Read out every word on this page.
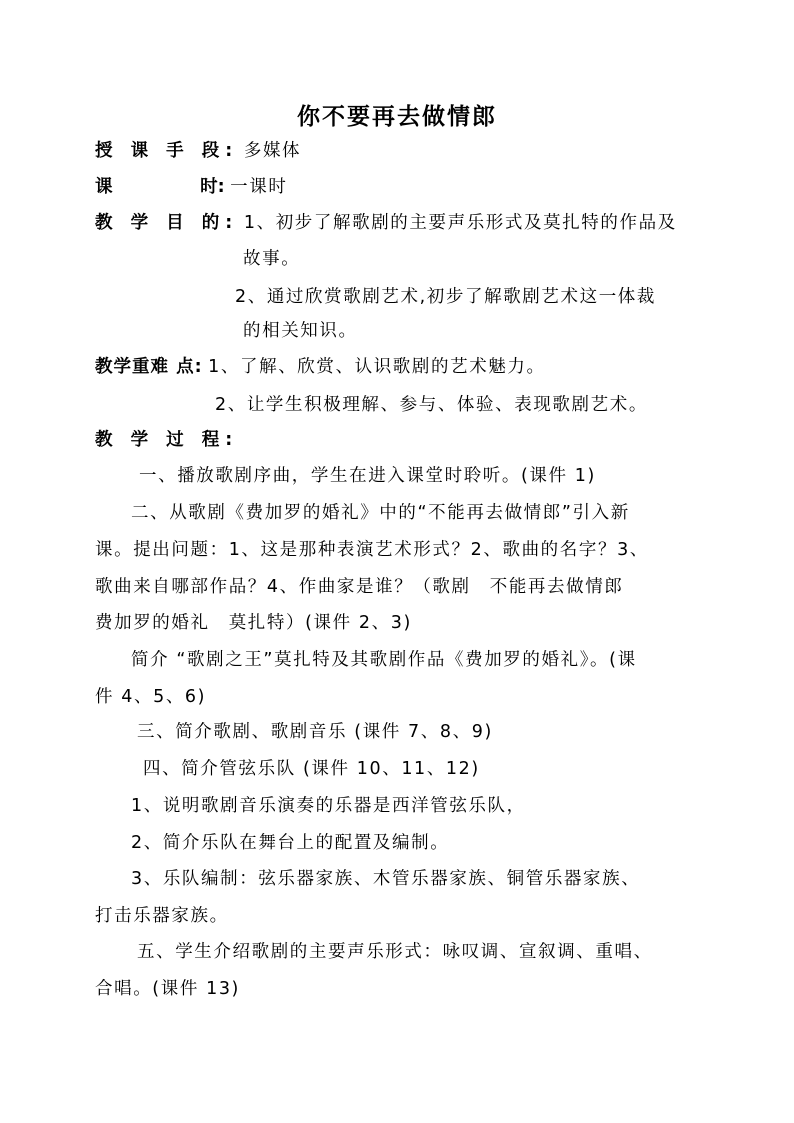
你不要再去做情郎
授 课 手 段: 多媒体
课	时: 一课时
教 学 目 的: 1、初步了解歌剧的主要声乐形式及莫扎特的作品及
故事。
2、通过欣赏歌剧艺术,初步了解歌剧艺术这一体裁
的相关知识。
教学重难 点: 1、了解、欣赏、认识歌剧的艺术魅力。
2、让学生积极理解、参与、体验、表现歌剧艺术。
教 学 过 程:
一、播放歌剧序曲，学生在进入课堂时聆听。(课件 1)
二、从歌剧《费加罗的婚礼》中的“不能再去做情郎”引入新
课。提出问题：1、这是那种表演艺术形式？2、歌曲的名字？3、
歌曲来自哪部作品？4、作曲家是谁？（歌剧　不能再去做情郎
费加罗的婚礼　莫扎特）(课件 2、3)
简介 “歌剧之王”莫扎特及其歌剧作品《费加罗的婚礼》。(课
件 4、5、6)
三、简介歌剧、歌剧音乐 (课件 7、8、9)
四、简介管弦乐队 (课件 10、11、12)
1、说明歌剧音乐演奏的乐器是西洋管弦乐队，
2、简介乐队在舞台上的配置及编制。
3、乐队编制：弦乐器家族、木管乐器家族、铜管乐器家族、
打击乐器家族。
五、学生介绍歌剧的主要声乐形式：咏叹调、宣叙调、重唱、
合唱。(课件 13)
